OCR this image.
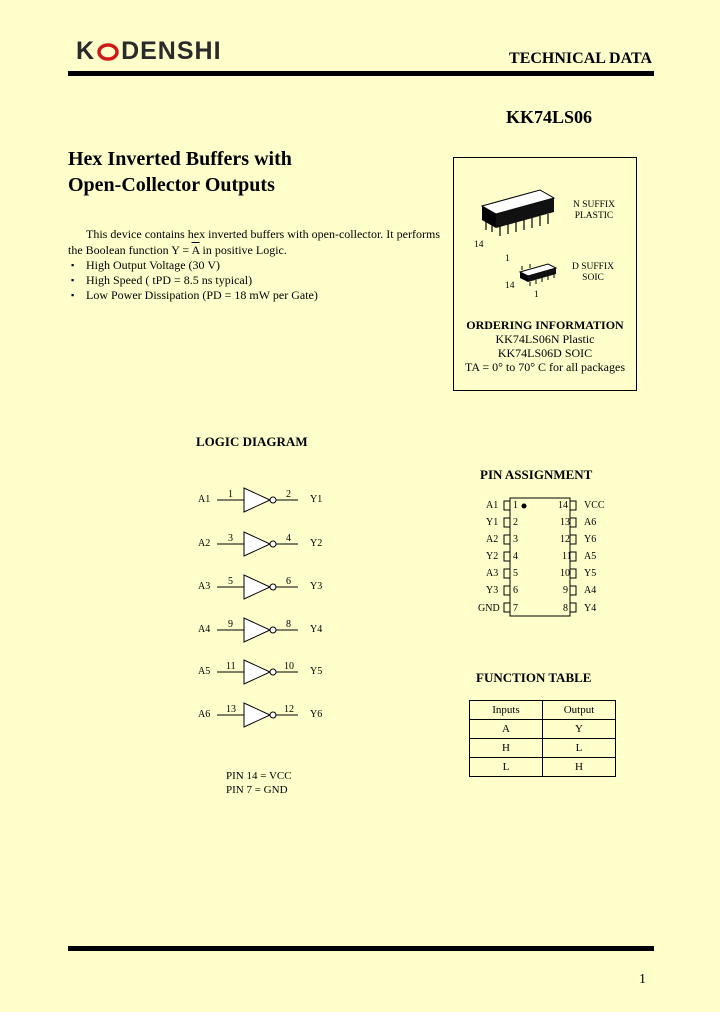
K DENSHI	TECHNICAL DATA
KK74LS06
Hex Inverted Buffers with
Open-Collector Outputs

This device contains hex inverted buffers with open-collector. It performs the Boolean function $Y = \overline{A}$ in positive Logic.

▪ High Output Voltage (30 V)
▪ High Speed ( tPD = 8.5 ns typical)
▪ Low Power Dissipation (PD = 18 mW per Gate)
N SUFFIX
PLASTIC
14
1
D SUFFIX
SOIC
14
1
ORDERING INFORMATION
KK74LS06N Plastic
KK74LS06D SOIC
TA = 0° to 70° C for all packages
LOGIC DIAGRAM
A1 1	2 Y1
A2 3	4 Y2
A3 5	6 Y3
A4 9	8 Y4
A5 11	10 Y5
A6 13	12 Y6
PIN 14 = VCC
PIN 7 = GND
PIN ASSIGNMENT
A1 1
Y1 2
A2 3
Y2 4
A3 5
Y3 6
GND 7
14 VCC
13 A6
12 Y6
11 A5
10 Y5
9 A4
8 Y4
FUNCTION TABLE
Inputs	Output
A	Y
H	L
L	H
1
